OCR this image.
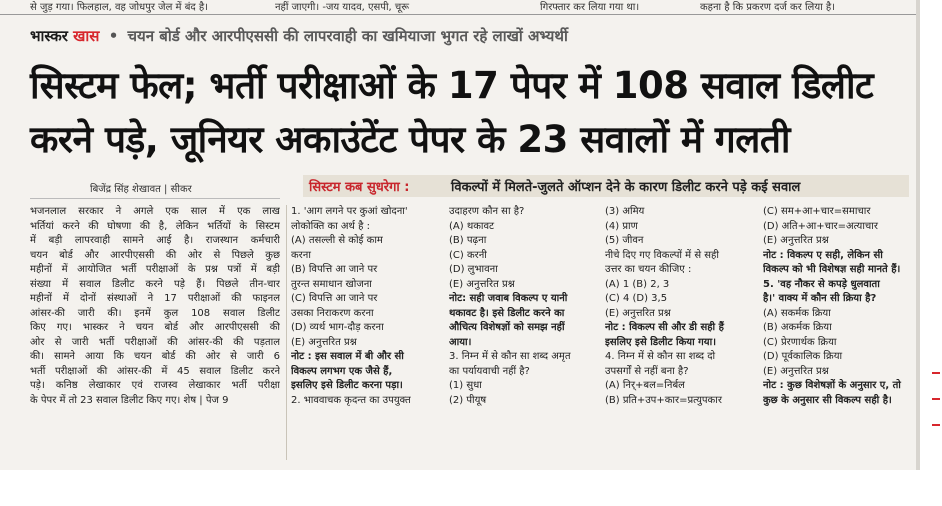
से जुड़ गया। फिलहाल, वह जोधपुर जेल में बंद है।	नहीं जाएगी। -जय यादव, एसपी, चूरू	गिरफ्तार कर लिया गया था।	कहना है कि प्रकरण दर्ज कर लिया है।
भास्कर खास • चयन बोर्ड और आरपीएससी की लापरवाही का खमियाजा भुगत रहे लाखों अभ्यर्थी
सिस्टम फेल; भर्ती परीक्षाओं के 17 पेपर में 108 सवाल डिलीट
करने पड़े, जूनियर अकाउंटेंट पेपर के 23 सवालों में गलती
बिजेंद्र सिंह शेखावत | सीकर	सिस्टम कब सुधरेगा :	विकल्पों में मिलते-जुलते ऑप्शन देने के कारण डिलीट करने पड़े कई सवाल
भजनलाल सरकार ने अगले एक साल में एक लाख
भर्तियां करने की घोषणा की है, लेकिन भर्तियों के सिस्टम
में बड़ी लापरवाही सामने आई है। राजस्थान कर्मचारी
चयन बोर्ड और आरपीएससी की ओर से पिछले कुछ
महीनों में आयोजित भर्ती परीक्षाओं के प्रश्न पत्रों में बड़ी
संख्या में सवाल डिलीट करने पड़े हैं। पिछले तीन-चार
महीनों में दोनों संस्थाओं ने 17 परीक्षाओं की फाइनल
आंसर-की जारी की। इनमें कुल 108 सवाल डिलीट
किए गए। भास्कर ने चयन बोर्ड और आरपीएससी की
ओर से जारी भर्ती परीक्षाओं की आंसर-की की पड़ताल
की। सामने आया कि चयन बोर्ड की ओर से जारी 6
भर्ती परीक्षाओं की आंसर-की में 45 सवाल डिलीट करने
पड़े। कनिष्ठ लेखाकार एवं राजस्व लेखाकार भर्ती परीक्षा
के पेपर में तो 23 सवाल डिलीट किए गए। शेष | पेज 9
1. 'आग लगने पर कुआं खोदना'
लोकोक्ति का अर्थ है :
(A) तसल्ली से कोई काम
करना
(B) विपत्ति आ जाने पर
तुरन्त समाधान खोजना
(C) विपत्ति आ जाने पर
उसका निराकरण करना
(D) व्यर्थ भाग-दौड़ करना
(E) अनुत्तरित प्रश्न
नोट : इस सवाल में बी और सी
विकल्प लगभग एक जैसे हैं,
इसलिए इसे डिलीट करना पड़ा।
2. भाववाचक कृदन्त का उपयुक्त
उदाहरण कौन सा है?
(A) थकावट
(B) पढ़ना
(C) करनी
(D) लुभावना
(E) अनुत्तरित प्रश्न
नोट: सही जवाब विकल्प ए यानी
थकावट है। इसे डिलीट करने का
औचित्य विशेषज्ञों को समझ नहीं
आया।
3. निम्न में से कौन सा शब्द अमृत
का पर्यायवाची नहीं है?
(1) सुधा
(2) पीयूष
(3) अमिय
(4) प्राण
(5) जीवन
नीचे दिए गए विकल्पों में से सही
उत्तर का चयन कीजिए :
(A) 1 (B) 2, 3
(C) 4 (D) 3,5
(E) अनुत्तरित प्रश्न
नोट : विकल्प सी और डी सही हैं
इसलिए इसे डिलीट किया गया।
4. निम्न में से कौन सा शब्द दो
उपसर्गों से नहीं बना है?
(A) निर्+बल=निर्बल
(B) प्रति+उप+कार=प्रत्युपकार
(C) सम+आ+चार=समाचार
(D) अति+आ+चार=अत्याचार
(E) अनुत्तरित प्रश्न
नोट : विकल्प ए सही, लेकिन सी
विकल्प को भी विशेषज्ञ सही मानते हैं।
5. 'वह नौकर से कपड़े धुलवाता
है।' वाक्य में कौन सी क्रिया है?
(A) सकर्मक क्रिया
(B) अकर्मक क्रिया
(C) प्रेरणार्थक क्रिया
(D) पूर्वकालिक क्रिया
(E) अनुत्तरित प्रश्न
नोट : कुछ विशेषज्ञों के अनुसार ए, तो
कुछ के अनुसार सी विकल्प सही है।
